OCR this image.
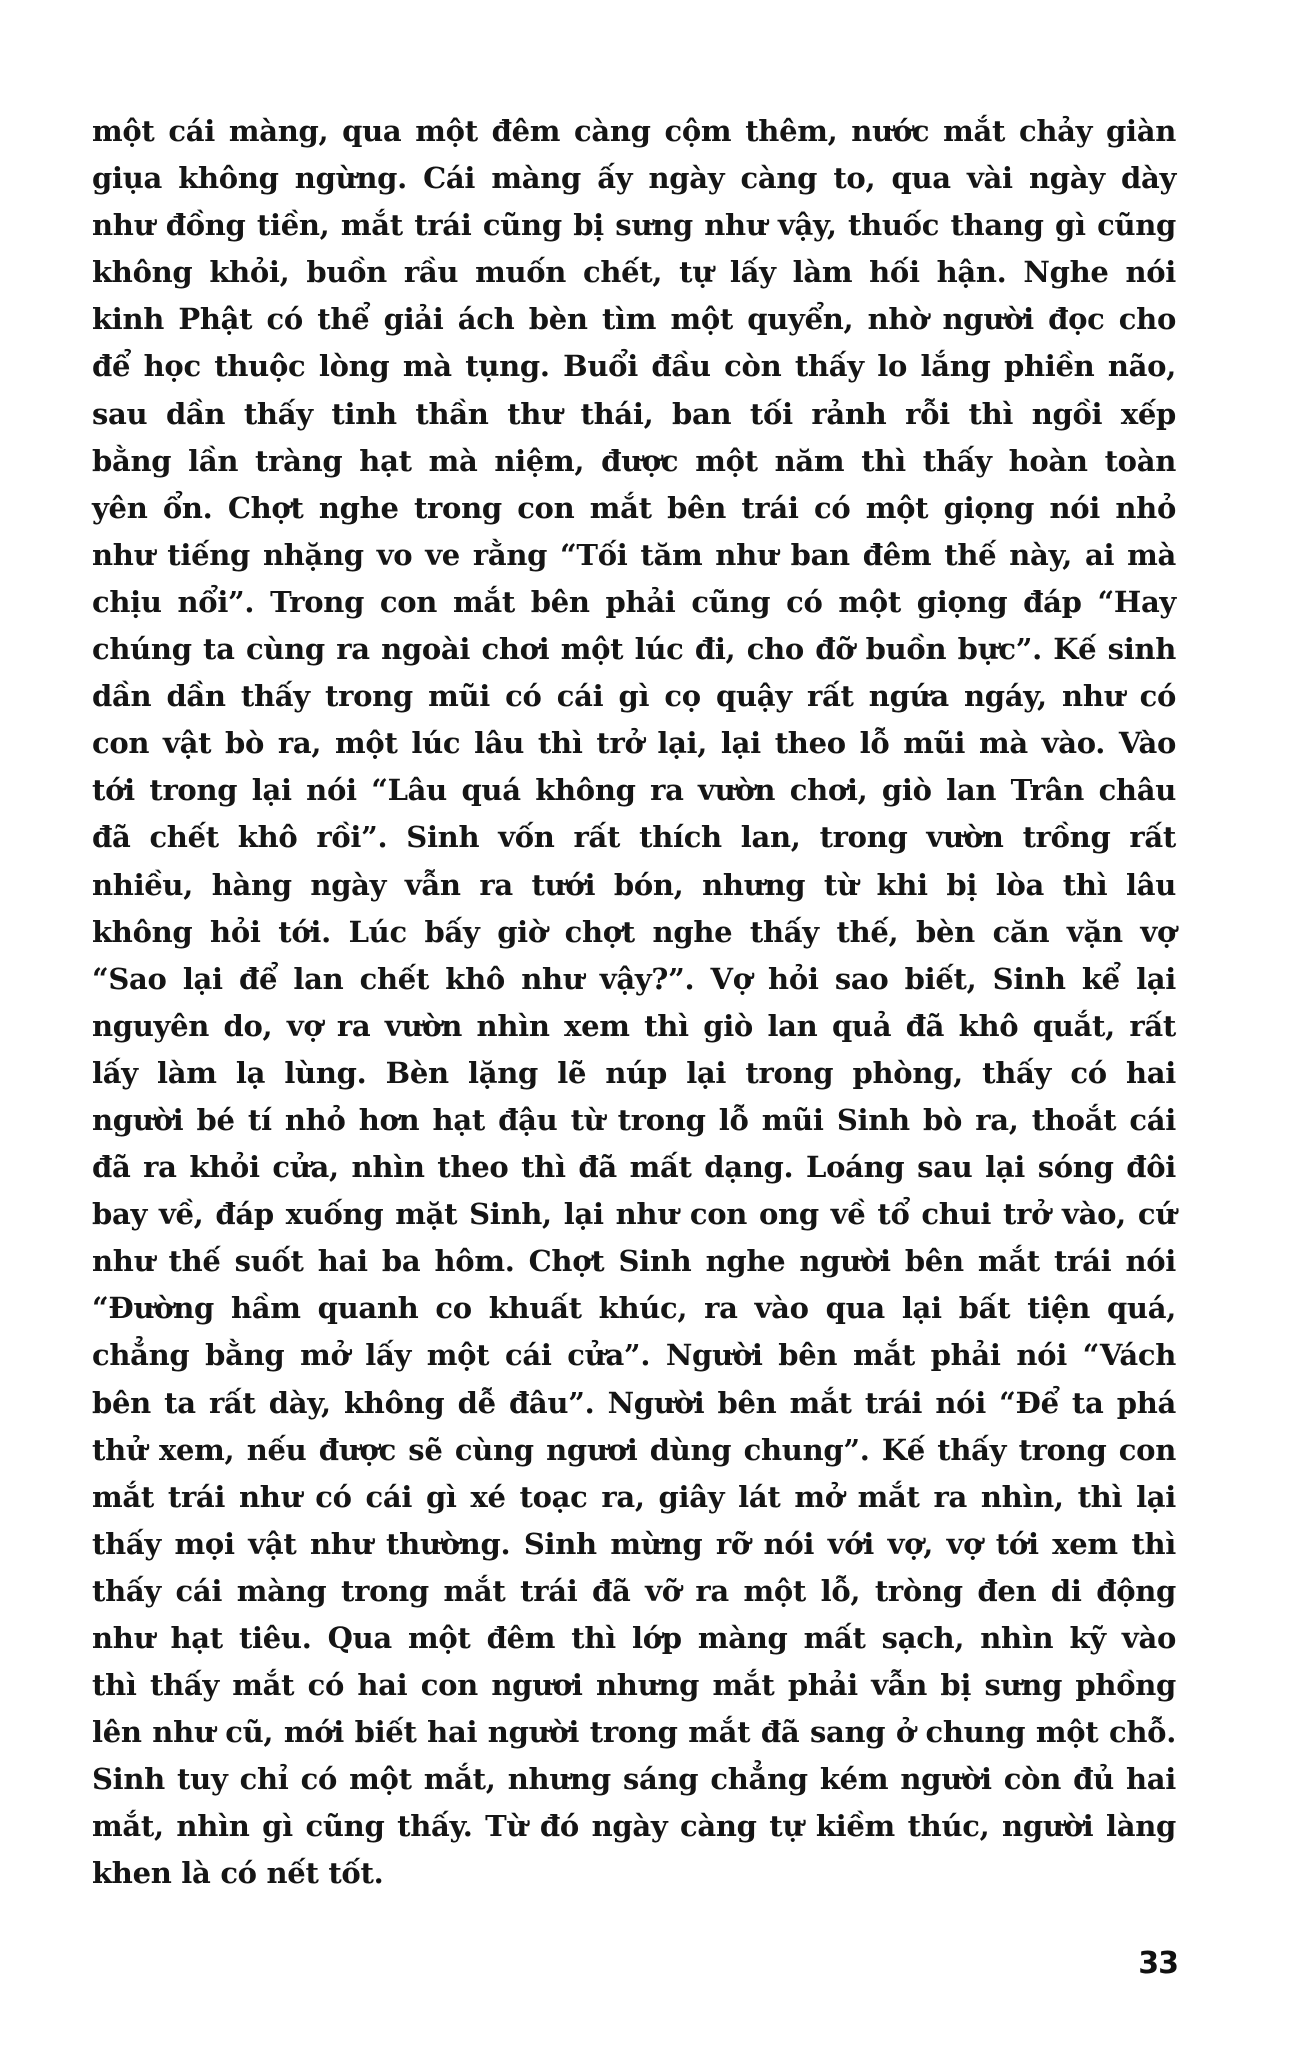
một cái màng, qua một đêm càng cộm thêm, nước mắt chảy giàn
giụa không ngừng. Cái màng ấy ngày càng to, qua vài ngày dày
như đồng tiền, mắt trái cũng bị sưng như vậy, thuốc thang gì cũng
không khỏi, buồn rầu muốn chết, tự lấy làm hối hận. Nghe nói
kinh Phật có thể giải ách bèn tìm một quyển, nhờ người đọc cho
để học thuộc lòng mà tụng. Buổi đầu còn thấy lo lắng phiền não,
sau dần thấy tinh thần thư thái, ban tối rảnh rỗi thì ngồi xếp
bằng lần tràng hạt mà niệm, được một năm thì thấy hoàn toàn
yên ổn. Chợt nghe trong con mắt bên trái có một giọng nói nhỏ
như tiếng nhặng vo ve rằng “Tối tăm như ban đêm thế này, ai mà
chịu nổi”. Trong con mắt bên phải cũng có một giọng đáp “Hay
chúng ta cùng ra ngoài chơi một lúc đi, cho đỡ buồn bực”. Kế sinh
dần dần thấy trong mũi có cái gì cọ quậy rất ngứa ngáy, như có
con vật bò ra, một lúc lâu thì trở lại, lại theo lỗ mũi mà vào. Vào
tới trong lại nói “Lâu quá không ra vườn chơi, giò lan Trân châu
đã chết khô rồi”. Sinh vốn rất thích lan, trong vườn trồng rất
nhiều, hàng ngày vẫn ra tưới bón, nhưng từ khi bị lòa thì lâu
không hỏi tới. Lúc bấy giờ chợt nghe thấy thế, bèn căn vặn vợ
“Sao lại để lan chết khô như vậy?”. Vợ hỏi sao biết, Sinh kể lại
nguyên do, vợ ra vườn nhìn xem thì giò lan quả đã khô quắt, rất
lấy làm lạ lùng. Bèn lặng lẽ núp lại trong phòng, thấy có hai
người bé tí nhỏ hơn hạt đậu từ trong lỗ mũi Sinh bò ra, thoắt cái
đã ra khỏi cửa, nhìn theo thì đã mất dạng. Loáng sau lại sóng đôi
bay về, đáp xuống mặt Sinh, lại như con ong về tổ chui trở vào, cứ
như thế suốt hai ba hôm. Chợt Sinh nghe người bên mắt trái nói
“Đường hầm quanh co khuất khúc, ra vào qua lại bất tiện quá,
chẳng bằng mở lấy một cái cửa”. Người bên mắt phải nói “Vách
bên ta rất dày, không dễ đâu”. Người bên mắt trái nói “Để ta phá
thử xem, nếu được sẽ cùng ngươi dùng chung”. Kế thấy trong con
mắt trái như có cái gì xé toạc ra, giây lát mở mắt ra nhìn, thì lại
thấy mọi vật như thường. Sinh mừng rỡ nói với vợ, vợ tới xem thì
thấy cái màng trong mắt trái đã vỡ ra một lỗ, tròng đen di động
như hạt tiêu. Qua một đêm thì lớp màng mất sạch, nhìn kỹ vào
thì thấy mắt có hai con ngươi nhưng mắt phải vẫn bị sưng phồng
lên như cũ, mới biết hai người trong mắt đã sang ở chung một chỗ.
Sinh tuy chỉ có một mắt, nhưng sáng chẳng kém người còn đủ hai
mắt, nhìn gì cũng thấy. Từ đó ngày càng tự kiềm thúc, người làng
khen là có nết tốt.
33
